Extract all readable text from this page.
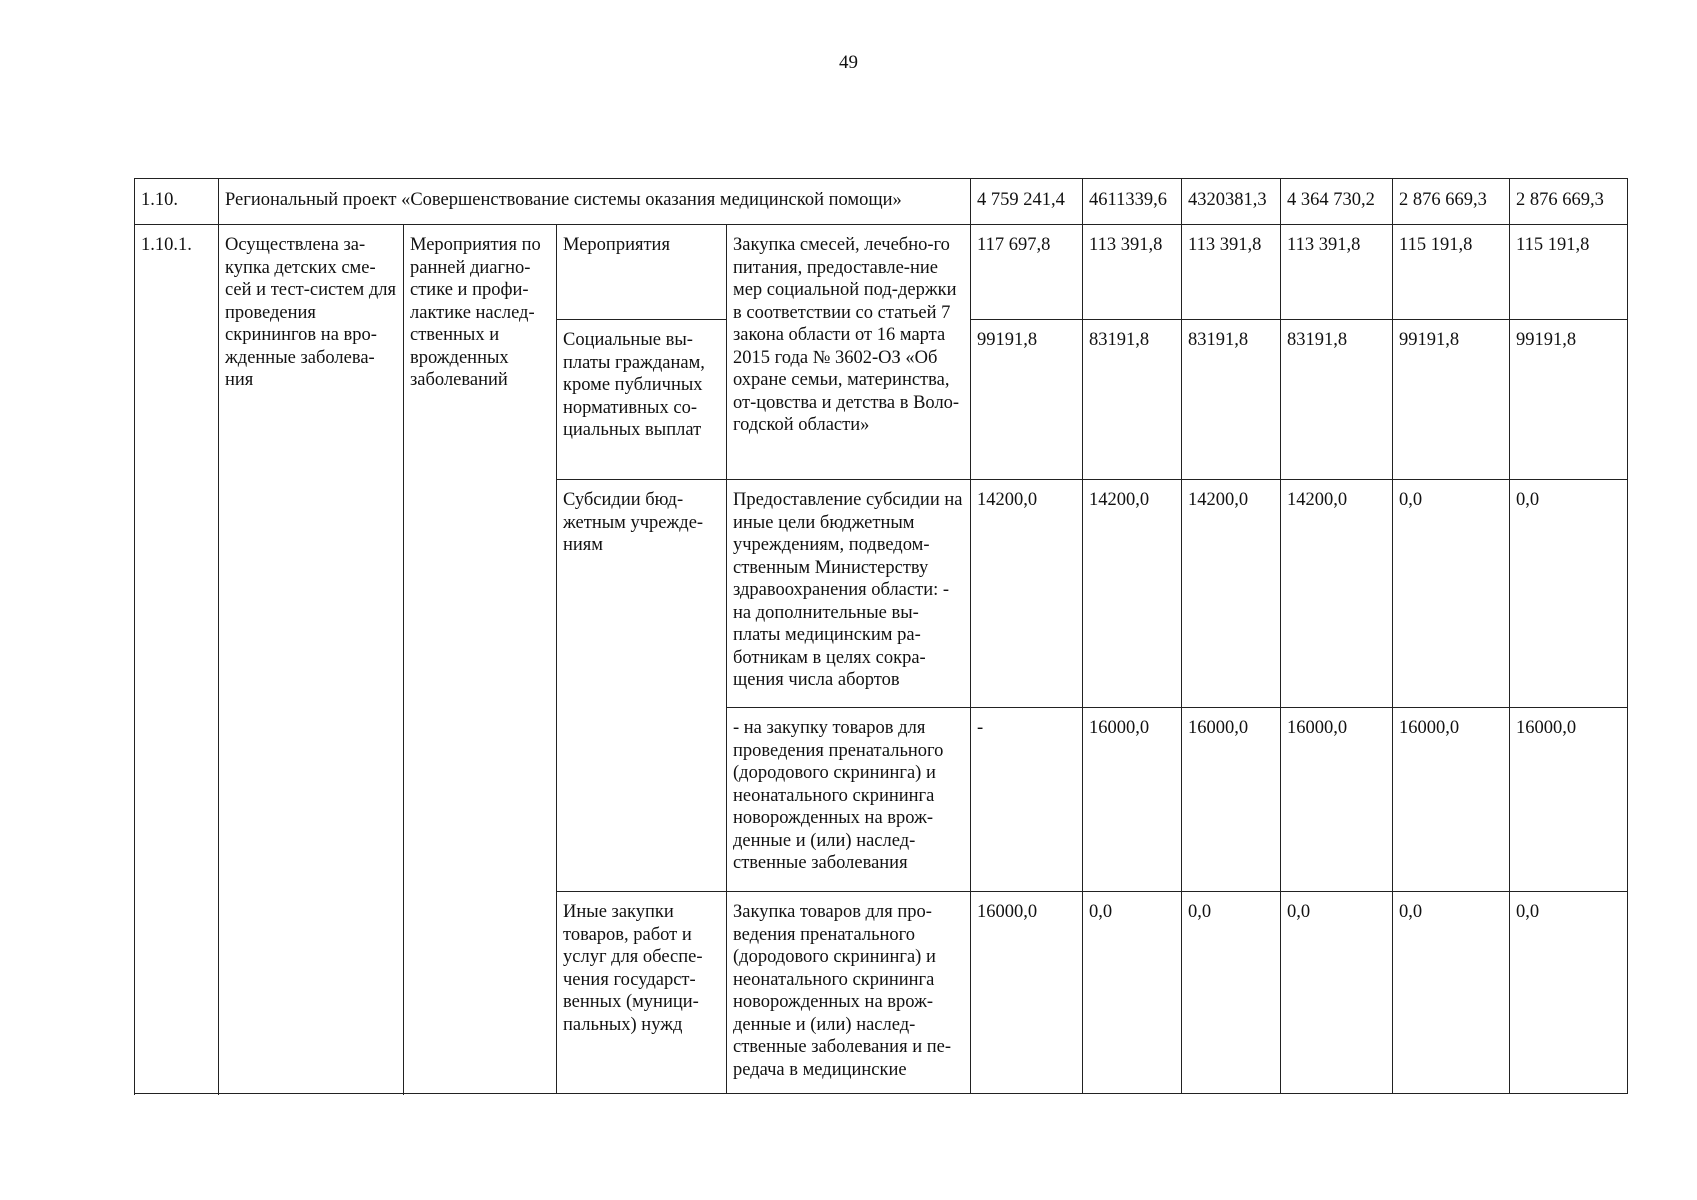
49
1.10.	Региональный проект «Совершенствование системы оказания медицинской помощи»				4 759 241,4	4611339,6	4320381,3	4 364 730,2	2 876 669,3	2 876 669,3
1.10.1.	Осуществлена за-купка детских сме-сей и тест-систем для проведения скринингов на вро-жденные заболева-ния	Мероприятия по ранней диагно-стике и профи-лактике наслед-ственных и врожденных заболеваний	Мероприятия	Закупка смесей, лечебно-го питания, предоставле-ние мер социальной под-держки в соответствии со статьей 7 закона области от 16 марта 2015 года № 3602-ОЗ «Об охране семьи, материнства, от-цовства и детства в Воло-годской области»	117 697,8	113 391,8	113 391,8	113 391,8	115 191,8	115 191,8
			Социальные вы-платы гражданам, кроме публичных нормативных со-циальных выплат		99191,8	83191,8	83191,8	83191,8	99191,8	99191,8
			Субсидии бюд-жетным учрежде-ниям	Предоставление субсидии на иные цели бюджетным учреждениям, подведом-ственным Министерству здравоохранения области: - на дополнительные вы-платы медицинским ра-ботникам в целях сокра-щения числа абортов	14200,0	14200,0	14200,0	14200,0	0,0	0,0
				- на закупку товаров для проведения пренатального (дородового скрининга) и неонатального скрининга новорожденных на врож-денные и (или) наслед-ственные заболевания	-	16000,0	16000,0	16000,0	16000,0	16000,0
			Иные закупки товаров, работ и услуг для обеспе-чения государст-венных (муници-пальных) нужд	Закупка товаров для про-ведения пренатального (дородового скрининга) и неонатального скрининга новорожденных на врож-денные и (или) наслед-ственные заболевания и пе-редача в медицинские	16000,0	0,0	0,0	0,0	0,0	0,0
